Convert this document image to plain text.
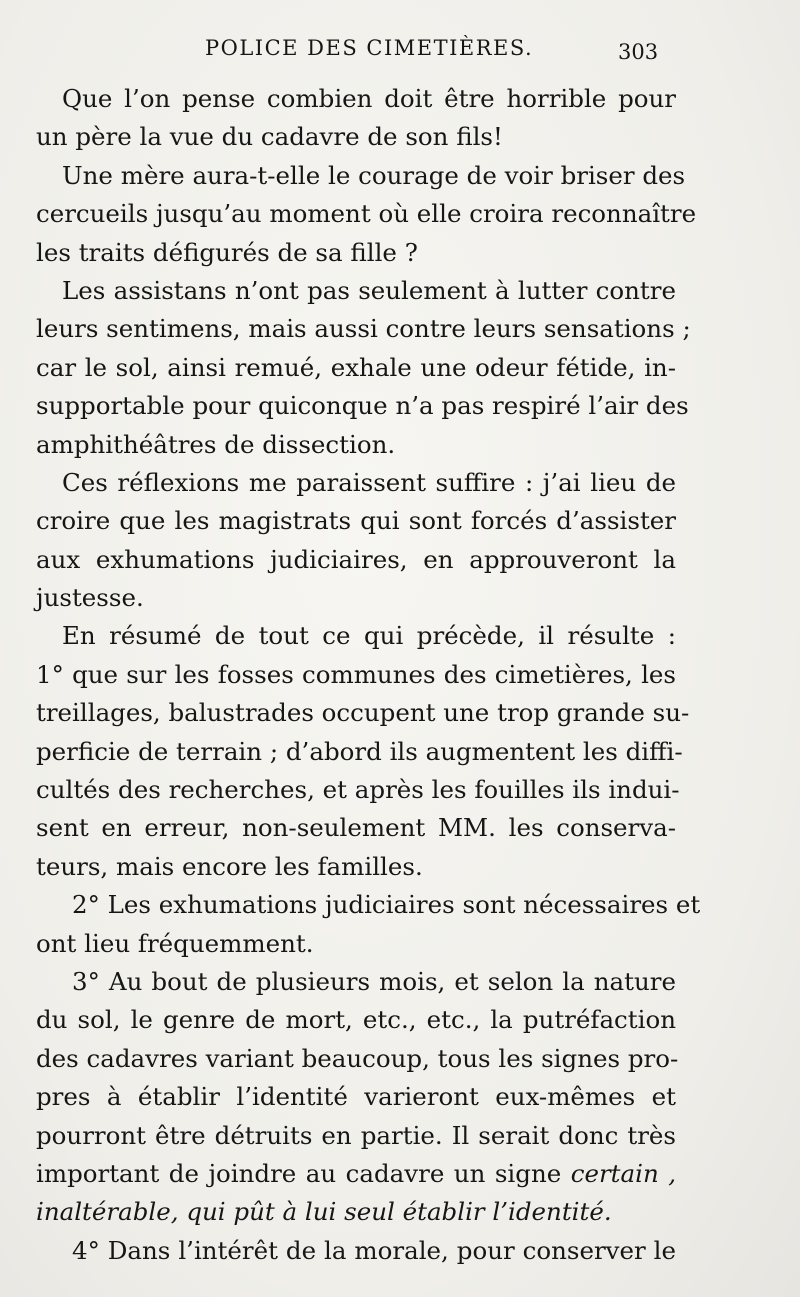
POLICE DES CIMETIÈRES.	303
Que l’on pense combien doit être horrible pour
un père la vue du cadavre de son fils!
Une mère aura-t-elle le courage de voir briser des
cercueils jusqu’au moment où elle croira reconnaître
les traits défigurés de sa fille ?
Les assistans n’ont pas seulement à lutter contre
leurs sentimens, mais aussi contre leurs sensations ;
car le sol, ainsi remué, exhale une odeur fétide, in-
supportable pour quiconque n’a pas respiré l’air des
amphithéâtres de dissection.
Ces réflexions me paraissent suffire : j’ai lieu de
croire que les magistrats qui sont forcés d’assister
aux exhumations judiciaires, en approuveront la
justesse.
En résumé de tout ce qui précède, il résulte :
1° que sur les fosses communes des cimetières, les
treillages, balustrades occupent une trop grande su-
perficie de terrain ; d’abord ils augmentent les diffi-
cultés des recherches, et après les fouilles ils indui-
sent en erreur, non-seulement MM. les conserva-
teurs, mais encore les familles.
2° Les exhumations judiciaires sont nécessaires et
ont lieu fréquemment.
3° Au bout de plusieurs mois, et selon la nature
du sol, le genre de mort, etc., etc., la putréfaction
des cadavres variant beaucoup, tous les signes pro-
pres à établir l’identité varieront eux-mêmes et
pourront être détruits en partie. Il serait donc très
important de joindre au cadavre un signe certain ,
inaltérable, qui pût à lui seul établir l’identité.
4° Dans l’intérêt de la morale, pour conserver le
